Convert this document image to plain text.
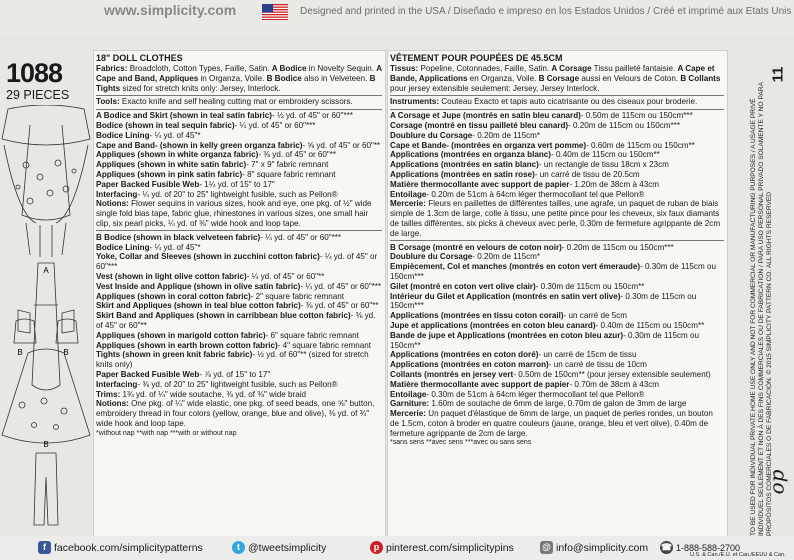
www.simplicity.com	Designed and printed in the USA / Diseñado e impreso en los Estados Unidos / Créé et imprimé aux Etats Unis
1088
29 PIECES
A
B	B
B

18" DOLL CLOTHES

Fabrics: Broadcloth, Cotton Types, Faille, Satin. A Bodice in Novelty Sequin. A Cape and Band, Appliques in Organza, Voile. B Bodice also in Velveteen. B Tights sized for stretch knits only: Jersey, Interlock.

Tools: Exacto knife and self healing cutting mat or embroidery scissors.

A Bodice and Skirt (shown in teal satin fabric)- ½ yd. of 45" or 60"***

Bodice (shown in teal sequin fabric)- ¼ yd. of 45" or 60"***

Bodice Lining- ¼ yd. of 45"*

Cape and Band- (shown in kelly green organza fabric)- ⅝ yd. of 45" or 60"**

Appliques (shown in white organza fabric)- ⅜ yd. of 45" or 60"**

Appliques (shown in white satin fabric)- 7" x 9" fabric remnant

Appliques (shown in pink satin fabric)- 8" square fabric remnant

Paper Backed Fusible Web- 1¼ yd. of 15" to 17"

Interfacing- ¼ yd. of 20" to 25" lightweight fusible, such as Pellon®

Notions: Flower sequins in various sizes, hook and eye, one pkg. of ½" wide single fold bias tape, fabric glue, rhinestones in various sizes, one small hair clip, six pearl picks, ¼ yd. of ⅜" wide hook and loop tape.

B Bodice (shown in black velveteen fabric)- ¼ yd. of 45" or 60"***

Bodice Lining- ¼ yd. of 45"*

Yoke, Collar and Sleeves (shown in zucchini cotton fabric)- ¼ yd. of 45" or 60"***

Vest (shown in light olive cotton fabric)- ¼ yd. of 45" or 60"**

Vest Inside and Applique (shown in olive satin fabric)- ¼ yd. of 45" or 60"***

Appliques (shown in coral cotton fabric)- 2" square fabric remnant

Skirt and Appliques (shown in teal blue cotton fabric)- ⅜ yd. of 45" or 60"**

Skirt Band and Appliques (shown in carribbean blue cotton fabric)- ⅜ yd. of 45" or 60"**

Appliques (shown in marigold cotton fabric)- 6" square fabric remnant

Appliques (shown in earth brown cotton fabric)- 4" square fabric remnant

Tights (shown in green knit fabric fabric)- ½ yd. of 60"** (sized for stretch knits only)

Paper Backed Fusible Web- ⅞ yd. of 15" to 17"

Interfacing- ⅜ yd. of 20" to 25" lightweight fusible, such as Pellon®

Trims: 1¾ yd. of ¼" wide soutache, ⅜ yd. of ⅜" wide braid

Notions: One pkg. of ¼" wide elastic, one pkg. of seed beads, one ⅝" button, embroidery thread in four colors (yellow, orange, blue and olive), ⅜ yd. of ¾" wide hook and loop tape.

*without nap **with nap ***with or without nap

VÊTEMENT POUR POUPÉES DE 45.5CM

Tissus: Popeline, Cotonnades, Faille, Satin. A Corsage Tissu pailleté fantaisie. A Cape et Bande, Applications en Organza, Voile. B Corsage aussi en Velours de Coton. B Collants pour jersey extensible seulement: Jersey, Jersey Interlock.

Instruments: Couteau Exacto et tapis auto cicatrisante ou des ciseaux pour broderie.

A Corsage et Jupe (montrés en satin bleu canard)- 0.50m de 115cm ou 150cm***

Corsage (montré en tissu pailleté bleu canard)- 0.20m de 115cm ou 150cm***

Doublure du Corsage- 0.20m de 115cm*

Cape et Bande- (montrées en organza vert pomme)- 0.60m de 115cm ou 150cm**

Applications (montrées en organza blanc)- 0.40m de 115cm ou 150cm**

Applications (montrées en satin blanc)- un rectangle de tissu 18cm x 23cm

Applications (montrées en satin rose)- un carré de tissu de 20.5cm

Matière thermocollante avec support de papier- 1.20m de 38cm à 43cm

Entoilage- 0.20m de 51cm à 64cm léger thermocollant tel que Pellon®

Mercerie: Fleurs en paillettes de différentes tailles, une agrafe, un paquet de ruban de biais simple de 1.3cm de large, colle à tissu, une petite pince pour les cheveux, six faux diamants de tailles différentes, six picks à cheveux avec perle, 0.30m de fermeture agrippante de 2cm de large.

B Corsage (montré en velours de coton noir)- 0.20m de 115cm ou 150cm***

Doublure du Corsage- 0.20m de 115cm*

Empiècement, Col et manches (montrés en coton vert émeraude)- 0.30m de 115cm ou 150cm***

Gilet (montré en coton vert olive clair)- 0.30m de 115cm ou 150cm**

Intérieur du Gilet et Application (montrés en satin vert olive)- 0.30m de 115cm ou 150cm***

Applications (montrées en tissu coton corail)- un carré de 5cm

Jupe et applications (montrées en coton bleu canard)- 0.40m de 115cm ou 150cm**

Bande de jupe et Applications (montrées en coton bleu azur)- 0.30m de 115cm ou 150cm**

Applications (montrées en coton doré)- un carré de 15cm de tissu

Applications (montrées en coton marron)- un carré de tissu de 10cm

Collants (montrés en jersey vert- 0.50m de 150cm** (pour jersey extensible seulement)

Matière thermocollante avec support de papier- 0.70m de 38cm à 43cm

Entoilage- 0.30m de 51cm à 64cm léger thermocollant tel que Pellon®

Garniture: 1.60m de soutache de 6mm de large, 0.70m de galon de 3mm de large

Mercerie: Un paquet d'élastique de 6mm de large, un paquet de perles rondes, un bouton de 1.5cm, coton à broder en quatre couleurs (jaune, orange, bleu et vert olive), 0.40m de fermeture agrippante de 2cm de large.

*sans sens **avec sens ***avec ou sans sens	TO BE USED FOR INDIVIDUAL PRIVATE HOME USE ONLY AND NOT FOR COMMERCIAL OR MANUFACTURING PURPOSES / A USAGE PRIVÉ INDIVIDUEL SEULEMENT ET NON À DES FINS COMMERCIALES OU DE FABRICATION / PARA USO PERSONAL PRIVADO SOLAMENTE Y NO PARA PROPÓSITOS COMERCIALES O DE FABRICACIÓN. © 2015 SIMPLICITY PATTERN CO. ALL RIGHTS RESERVED
11
op
f facebook.com/simplicitypatterns	t @tweetsimplicity	p pinterest.com/simplicitypins	@ info@simplicity.com ☎ 1-888-588-2700
U.S. & Can./E.U. et Can./EEUU & Can.
